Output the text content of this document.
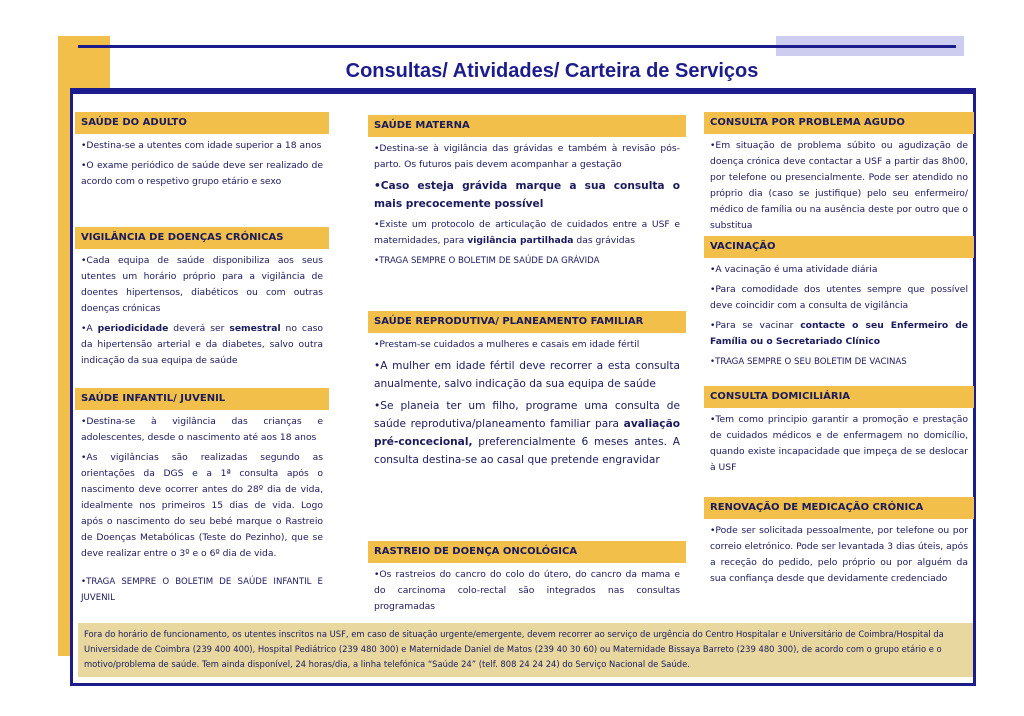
Consultas/ Atividades/ Carteira de Serviços
SAÚDE DO ADULTO

•Destina-se a utentes com idade superior a 18 anos

•O exame periódico de saúde deve ser realizado de acordo com o respetivo grupo etário e sexo

VIGILÂNCIA DE DOENÇAS CRÓNICAS

•Cada equipa de saúde disponibiliza aos seus utentes um horário próprio para a vigilância de doentes hipertensos, diabéticos ou com outras doenças crónicas

•A periodicidade deverá ser semestral no caso da hipertensão arterial e da diabetes, salvo outra indicação da sua equipa de saúde

SAÚDE INFANTIL/ JUVENIL

•Destina-se à vigilância das crianças e adolescentes, desde o nascimento até aos 18 anos

•As vigilâncias são realizadas segundo as orientações da DGS e a 1ª consulta após o nascimento deve ocorrer antes do 28º dia de vida, idealmente nos primeiros 15 dias de vida. Logo após o nascimento do seu bebé marque o Rastreio de Doenças Metabólicas (Teste do Pezinho), que se deve realizar entre o 3º e o 6º dia de vida.

•TRAGA SEMPRE O BOLETIM DE SAÚDE INFANTIL E JUVENIL

SAÚDE MATERNA

•Destina-se à vigilância das grávidas e também à revisão pós-parto. Os futuros pais devem acompanhar a gestação

•Caso esteja grávida marque a sua consulta o mais precocemente possível

•Existe um protocolo de articulação de cuidados entre a USF e maternidades, para vigilância partilhada das grávidas

•TRAGA SEMPRE O BOLETIM DE SAÚDE DA GRÁVIDA

SAÚDE REPRODUTIVA/ PLANEAMENTO FAMILIAR

•Prestam-se cuidados a mulheres e casais em idade fértil

•A mulher em idade fértil deve recorrer a esta consulta anualmente, salvo indicação da sua equipa de saúde

•Se planeia ter um filho, programe uma consulta de saúde reprodutiva/planeamento familiar para avaliação pré-concecional, preferencialmente 6 meses antes. A consulta destina-se ao casal que pretende engravidar

RASTREIO DE DOENÇA ONCOLÓGICA

•Os rastreios do cancro do colo do útero, do cancro da mama e do carcinoma colo-rectal são integrados nas consultas programadas

CONSULTA POR PROBLEMA AGUDO

•Em situação de problema súbito ou agudização de doença crónica deve contactar a USF a partir das 8h00, por telefone ou presencialmente. Pode ser atendido no próprio dia (caso se justifique) pelo seu enfermeiro/ médico de família ou na ausência deste por outro que o substitua

VACINAÇÃO

•A vacinação é uma atividade diária

•Para comodidade dos utentes sempre que possível deve coincidir com a consulta de vigilância

•Para se vacinar contacte o seu Enfermeiro de Família ou o Secretariado Clínico

•TRAGA SEMPRE O SEU BOLETIM DE VACINAS

CONSULTA DOMICILIÁRIA

•Tem como principio garantir a promoção e prestação de cuidados médicos e de enfermagem no domicílio, quando existe incapacidade que impeça de se deslocar à USF

RENOVAÇÃO DE MEDICAÇÃO CRÓNICA

•Pode ser solicitada pessoalmente, por telefone ou por correio eletrónico. Pode ser levantada 3 dias úteis, após a receção do pedido, pelo próprio ou por alguém da sua confiança desde que devidamente credenciado

Fora do horário de funcionamento, os utentes inscritos na USF, em caso de situação urgente/emergente, devem recorrer ao serviço de urgência do Centro Hospitalar e Universitário de Coimbra/Hospital da Universidade de Coimbra (239 400 400), Hospital Pediátrico (239 480 300) e Maternidade Daniel de Matos (239 40 30 60) ou Maternidade Bissaya Barreto (239 480 300), de acordo com o grupo etário e o motivo/problema de saúde. Tem ainda disponível, 24 horas/dia, a linha telefónica “Saúde 24” (telf. 808 24 24 24) do Serviço Nacional de Saúde.
